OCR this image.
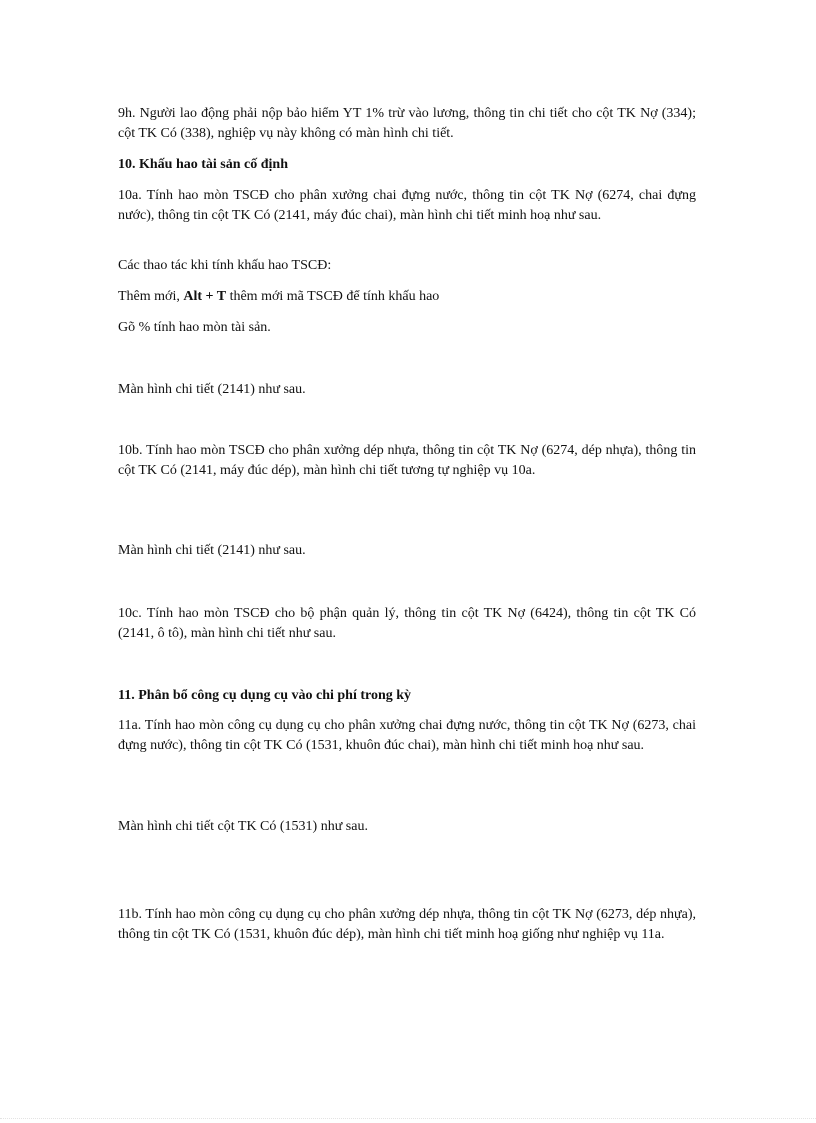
9h. Người lao động phải nộp bảo hiểm YT 1% trừ vào lương, thông tin chi tiết cho cột TK Nợ (334); cột TK Có (338), nghiệp vụ này không có màn hình chi tiết.

10. Khấu hao tài sản cố định

10a. Tính hao mòn TSCĐ cho phân xưởng chai đựng nước, thông tin cột TK Nợ (6274, chai đựng nước), thông tin cột TK Có (2141, máy đúc chai), màn hình chi tiết minh hoạ như sau.

Các thao tác khi tính khấu hao TSCĐ:

Thêm mới, Alt + T thêm mới mã TSCĐ để tính khấu hao

Gõ % tính hao mòn tài sản.

Màn hình chi tiết (2141) như sau.

10b. Tính hao mòn TSCĐ cho phân xưởng dép nhựa, thông tin cột TK Nợ (6274, dép nhựa), thông tin cột TK Có (2141, máy đúc dép), màn hình chi tiết tương tự nghiệp vụ 10a.

Màn hình chi tiết (2141) như sau.

10c. Tính hao mòn TSCĐ cho bộ phận quản lý, thông tin cột TK Nợ (6424), thông tin cột TK Có (2141, ô tô), màn hình chi tiết như sau.

11. Phân bổ công cụ dụng cụ vào chi phí trong kỳ

11a. Tính hao mòn công cụ dụng cụ cho phân xưởng chai đựng nước, thông tin cột TK Nợ (6273, chai đựng nước), thông tin cột TK Có (1531, khuôn đúc chai), màn hình chi tiết minh hoạ như sau.

Màn hình chi tiết cột TK Có (1531) như sau.

11b. Tính hao mòn công cụ dụng cụ cho phân xưởng dép nhựa, thông tin cột TK Nợ (6273, dép nhựa), thông tin cột TK Có (1531, khuôn đúc dép), màn hình chi tiết minh hoạ giống như nghiệp vụ 11a.
